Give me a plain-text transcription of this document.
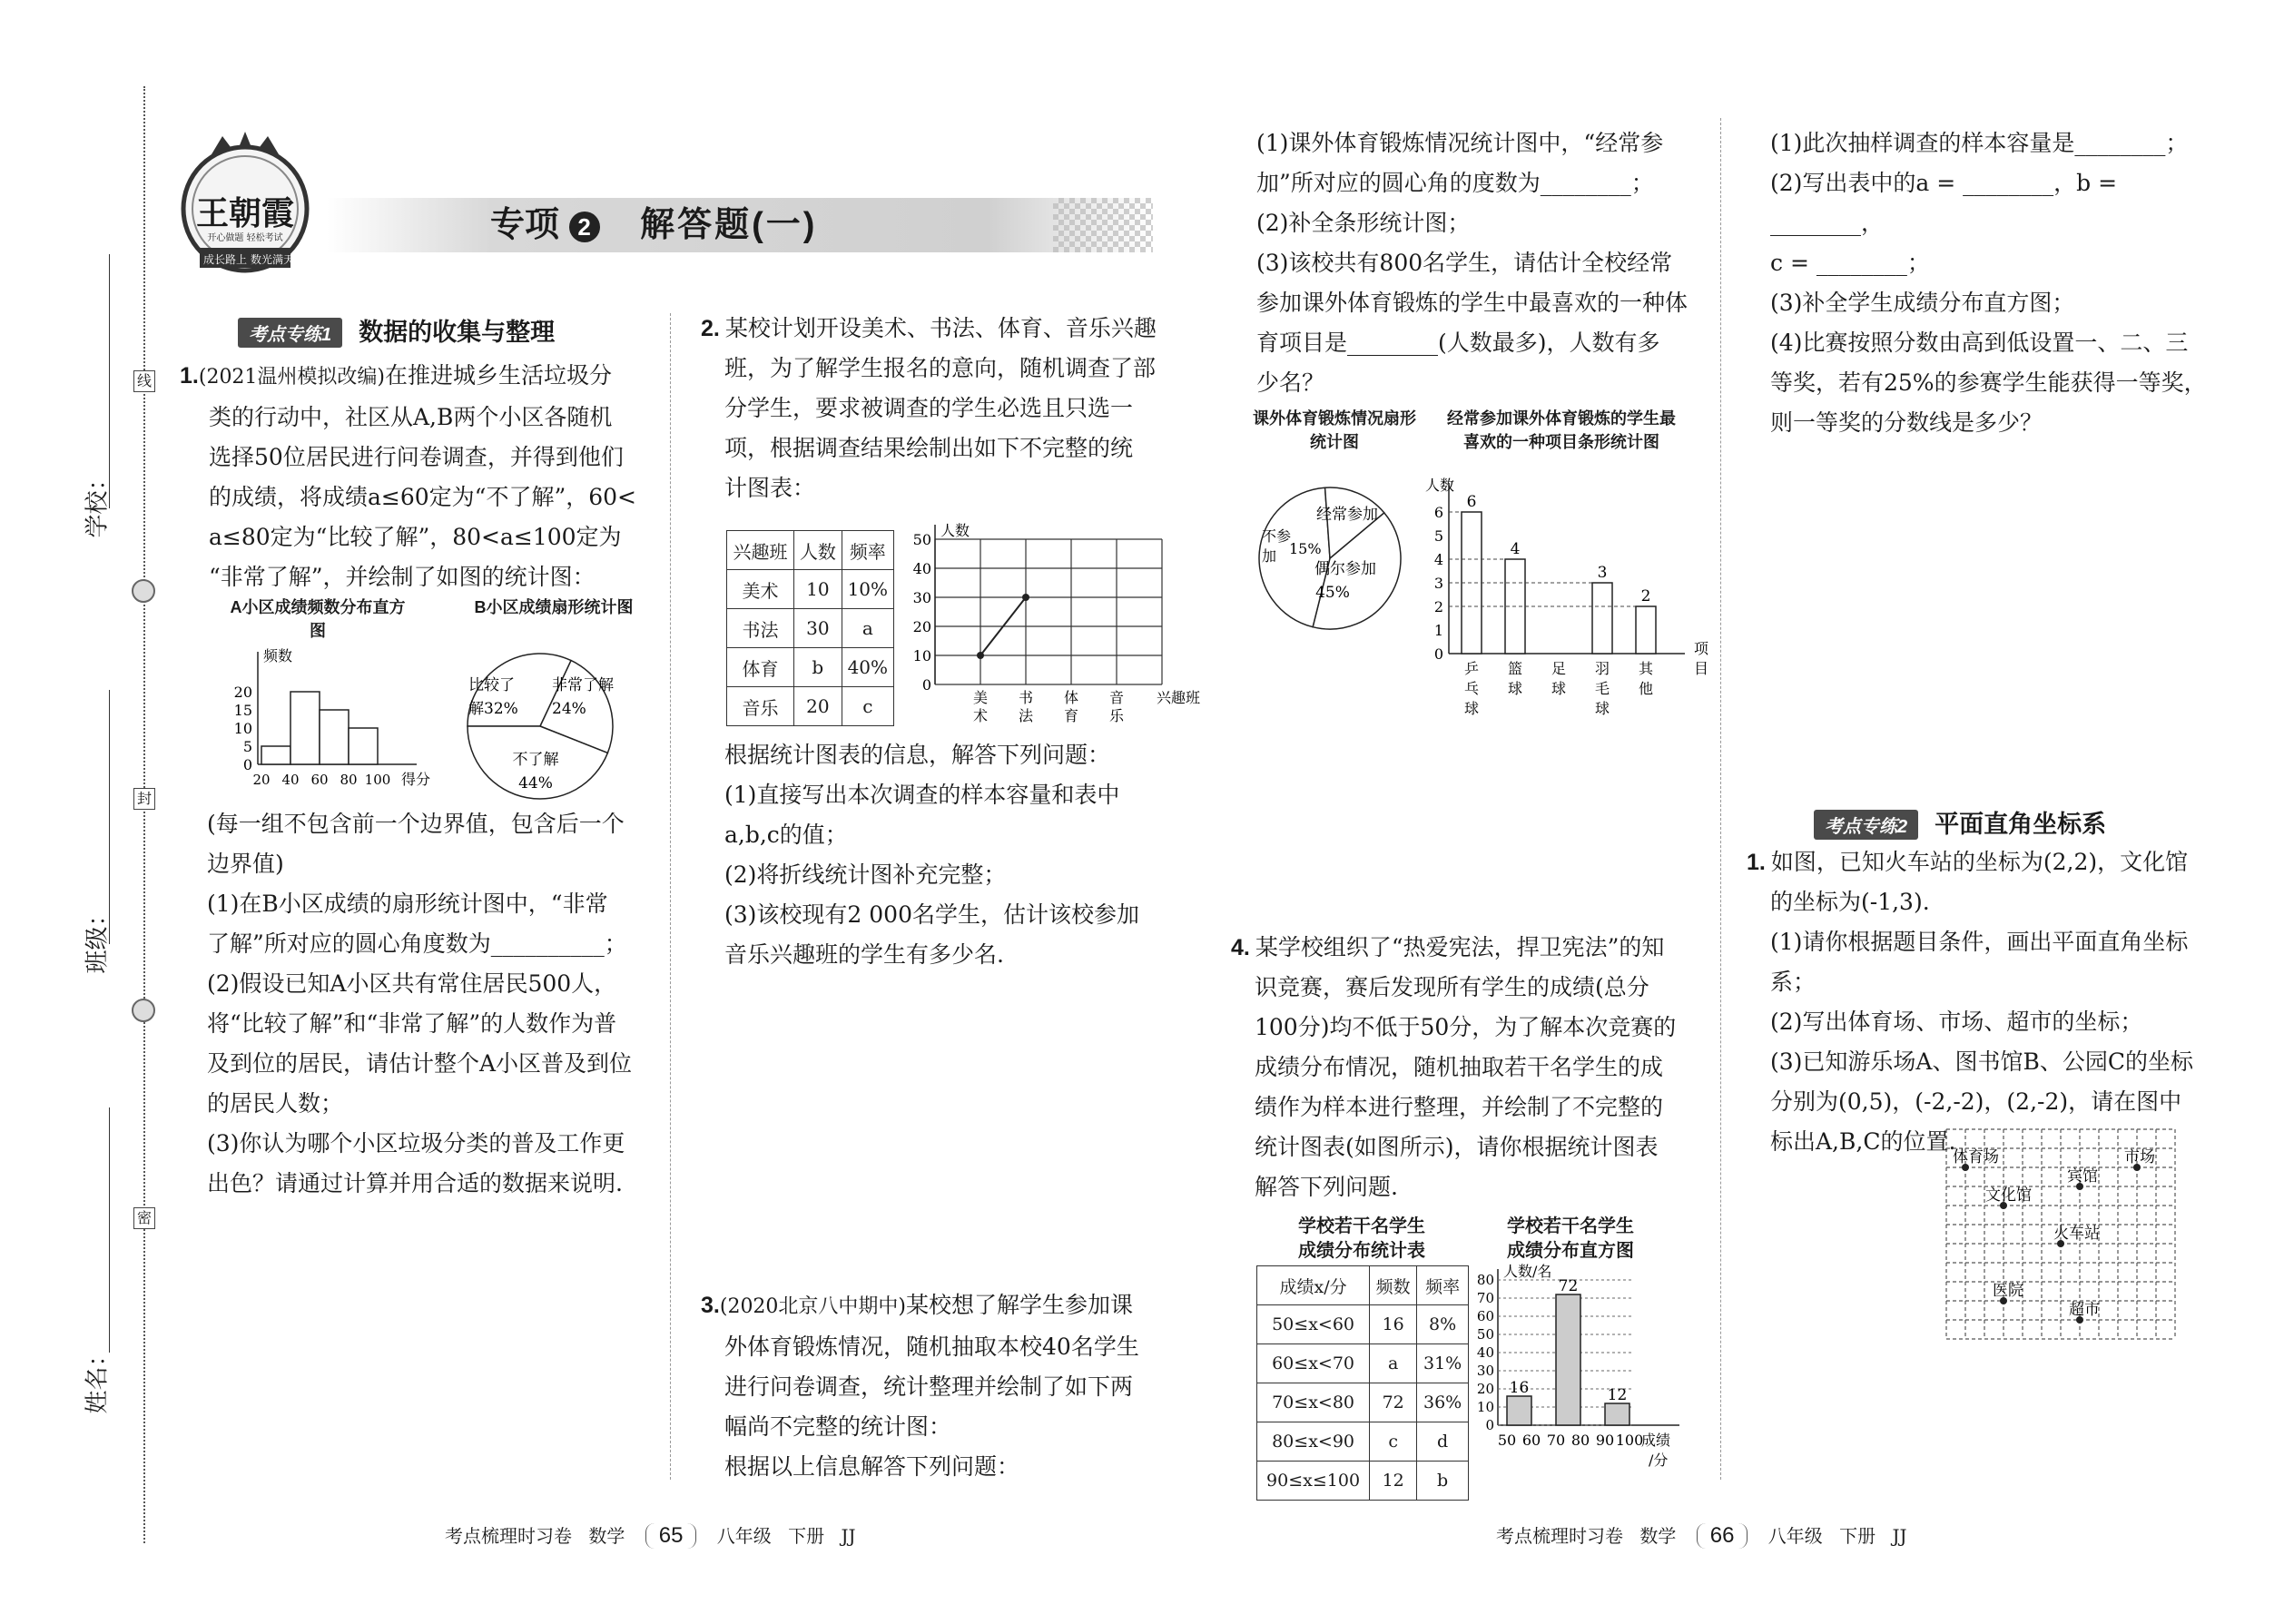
学校：
班级：
姓名：
线
封
密
王朝霞
开心做题 轻松考试
成长路上 数光满天
专项 2 解答题(一)
考点专练1 数据的收集与整理

1.(2021温州模拟改编)在推进城乡生活垃圾分

类的行动中，社区从A,B两个小区各随机

选择50位居民进行问卷调查，并得到他们

的成绩，将成绩a≤60定为“不了解”，60<

a≤80定为“比较了解”，80<a≤100定为

“非常了解”，并绘制了如图的统计图：

A小区成绩频数分布直方图
频数
0
5
10
15
20
20 40 60 80 100 得分
B小区成绩扇形统计图
比较了
解32%
非常了解
24%
不了解
44%

(每一组不包含前一个边界值，包含后一个

边界值)

(1)在B小区成绩的扇形统计图中，“非常

了解”所对应的圆心角度数为__________；

(2)假设已知A小区共有常住居民500人，

将“比较了解”和“非常了解”的人数作为普

及到位的居民，请估计整个A小区普及到位

的居民人数；

(3)你认为哪个小区垃圾分类的普及工作更

出色？请通过计算并用合适的数据来说明.

2. 某校计划开设美术、书法、体育、音乐兴趣

班，为了解学生报名的意向，随机调查了部

分学生，要求被调查的学生必选且只选一

项，根据调查结果绘制出如下不完整的统

计图表：

兴趣班	人数	频率
美术	10	10%
书法	30	a
体育	b	40%
音乐	20	c
人数
0
10
20
30
40
50
美
术
书
法
体
育
音
乐
兴趣班

根据统计图表的信息，解答下列问题：

(1)直接写出本次调查的样本容量和表中

a,b,c的值；

(2)将折线统计图补充完整；

(3)该校现有2 000名学生，估计该校参加

音乐兴趣班的学生有多少名.

3.(2020北京八中期中)某校想了解学生参加课

外体育锻炼情况，随机抽取本校40名学生

进行问卷调查，统计整理并绘制了如下两

幅尚不完整的统计图：

根据以上信息解答下列问题：

(1)课外体育锻炼情况统计图中，“经常参

加”所对应的圆心角的度数为________；

(2)补全条形统计图；

(3)该校共有800名学生，请估计全校经常

参加课外体育锻炼的学生中最喜欢的一种体

育项目是________(人数最多)，人数有多

少名？

课外体育锻炼情况扇形统计图
经常参加
偶尔参加
45%
不参
加 15%
经常参加课外体育锻炼的学生最喜欢的一种项目条形统计图
人数
0
1
2
3
4
5
6
6
乒
乓
球
4
篮
球
足
球
3
羽
毛
球
2
其
他
项
目

4. 某学校组织了“热爱宪法，捍卫宪法”的知

识竞赛，赛后发现所有学生的成绩(总分

100分)均不低于50分，为了解本次竞赛的

成绩分布情况，随机抽取若干名学生的成

绩作为样本进行整理，并绘制了不完整的

统计图表(如图所示)，请你根据统计图表

解答下列问题.

学校若干名学生
成绩分布统计表
成绩x/分	频数	频率
50≤x<60	16	8%
60≤x<70	a	31%
70≤x<80	72	36%
80≤x<90	c	d
90≤x≤100	12	b
学校若干名学生
成绩分布直方图
人数/名
0
10
20
30
40
50
60
70
80
16
72
12
50 60 70 80 90 100
成绩
/分

(1)此次抽样调查的样本容量是________；

(2)写出表中的a = ________，b = ________，

c = ________；

(3)补全学生成绩分布直方图；

(4)比赛按照分数由高到低设置一、二、三

等奖，若有25%的参赛学生能获得一等奖，

则一等奖的分数线是多少？

考点专练2 平面直角坐标系

1. 如图，已知火车站的坐标为(2,2)，文化馆

的坐标为(-1,3).

(1)请你根据题目条件，画出平面直角坐标系；

(2)写出体育场、市场、超市的坐标；

(3)已知游乐场A、图书馆B、公园C的坐标

分别为(0,5)，(-2,-2)，(2,-2)，请在图中

标出A,B,C的位置.

体育场	市场
宾馆
文化馆
火车站
医院
超市
考点梳理时习卷 数学 65 八年级 下册 JJ	考点梳理时习卷 数学 66 八年级 下册 JJ
